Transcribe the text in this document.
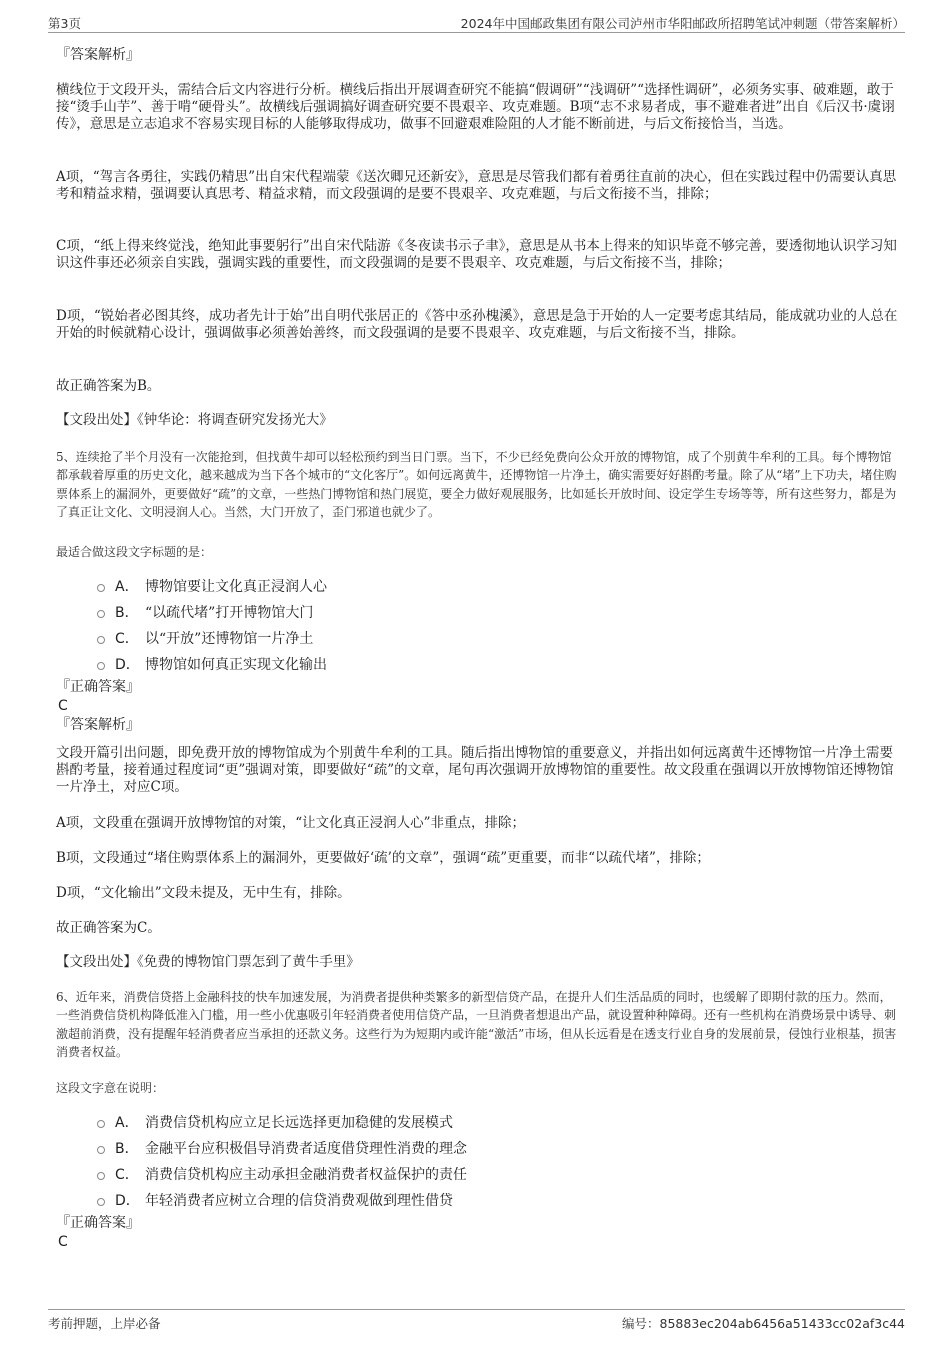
第3页	2024年中国邮政集团有限公司泸州市华阳邮政所招聘笔试冲刺题（带答案解析）
『答案解析』
横线位于文段开头，需结合后文内容进行分析。横线后指出开展调查研究不能搞“假调研”“浅调研”“选择性调研”，必须务实事、破难题，敢于接“烫手山芋”、善于啃“硬骨头”。故横线后强调搞好调查研究要不畏艰辛、攻克难题。B项“志不求易者成，事不避难者进”出自《后汉书·虞诩传》，意思是立志追求不容易实现目标的人能够取得成功，做事不回避艰难险阻的人才能不断前进，与后文衔接恰当，当选。
A项，“驾言各勇往，实践仍精思”出自宋代程端蒙《送次卿兄还新安》，意思是尽管我们都有着勇往直前的决心，但在实践过程中仍需要认真思考和精益求精，强调要认真思考、精益求精，而文段强调的是要不畏艰辛、攻克难题，与后文衔接不当，排除；
C项，“纸上得来终觉浅，绝知此事要躬行”出自宋代陆游《冬夜读书示子聿》，意思是从书本上得来的知识毕竟不够完善，要透彻地认识学习知识这件事还必须亲自实践，强调实践的重要性，而文段强调的是要不畏艰辛、攻克难题，与后文衔接不当，排除；
D项，“锐始者必图其终，成功者先计于始”出自明代张居正的《答中丞孙槐溪》，意思是急于开始的人一定要考虑其结局，能成就功业的人总在开始的时候就精心设计，强调做事必须善始善终，而文段强调的是要不畏艰辛、攻克难题，与后文衔接不当，排除。
故正确答案为B。
【文段出处】《钟华论：将调查研究发扬光大》
5、连续抢了半个月没有一次能抢到，但找黄牛却可以轻松预约到当日门票。当下，不少已经免费向公众开放的博物馆，成了个别黄牛牟利的工具。每个博物馆都承载着厚重的历史文化，越来越成为当下各个城市的“文化客厅”。如何远离黄牛，还博物馆一片净土，确实需要好好斟酌考量。除了从“堵”上下功夫，堵住购票体系上的漏洞外，更要做好“疏”的文章，一些热门博物馆和热门展览，要全力做好观展服务，比如延长开放时间、设定学生专场等等，所有这些努力，都是为了真正让文化、文明浸润人心。当然，大门开放了，歪门邪道也就少了。
最适合做这段文字标题的是：
A． 博物馆要让文化真正浸润人心
B． “以疏代堵”打开博物馆大门
C． 以“开放”还博物馆一片净土
D． 博物馆如何真正实现文化输出
『正确答案』
C
『答案解析』
文段开篇引出问题，即免费开放的博物馆成为个别黄牛牟利的工具。随后指出博物馆的重要意义，并指出如何远离黄牛还博物馆一片净土需要斟酌考量，接着通过程度词“更”强调对策，即要做好“疏”的文章，尾句再次强调开放博物馆的重要性。故文段重在强调以开放博物馆还博物馆一片净土，对应C项。
A项，文段重在强调开放博物馆的对策，“让文化真正浸润人心”非重点，排除；
B项，文段通过“堵住购票体系上的漏洞外，更要做好‘疏’的文章”，强调“疏”更重要，而非“以疏代堵”，排除；
D项，“文化输出”文段未提及，无中生有，排除。
故正确答案为C。
【文段出处】《免费的博物馆门票怎到了黄牛手里》
6、近年来，消费信贷搭上金融科技的快车加速发展，为消费者提供种类繁多的新型信贷产品，在提升人们生活品质的同时，也缓解了即期付款的压力。然而，一些消费信贷机构降低准入门槛，用一些小优惠吸引年轻消费者使用信贷产品，一旦消费者想退出产品，就设置种种障碍。还有一些机构在消费场景中诱导、刺激超前消费，没有提醒年轻消费者应当承担的还款义务。这些行为为短期内或许能“激活”市场，但从长远看是在透支行业自身的发展前景，侵蚀行业根基，损害消费者权益。
这段文字意在说明：
A． 消费信贷机构应立足长远选择更加稳健的发展模式
B． 金融平台应积极倡导消费者适度借贷理性消费的理念
C． 消费信贷机构应主动承担金融消费者权益保护的责任
D． 年轻消费者应树立合理的信贷消费观做到理性借贷
『正确答案』
C
考前押题，上岸必备	编号：85883ec204ab6456a51433cc02af3c44
